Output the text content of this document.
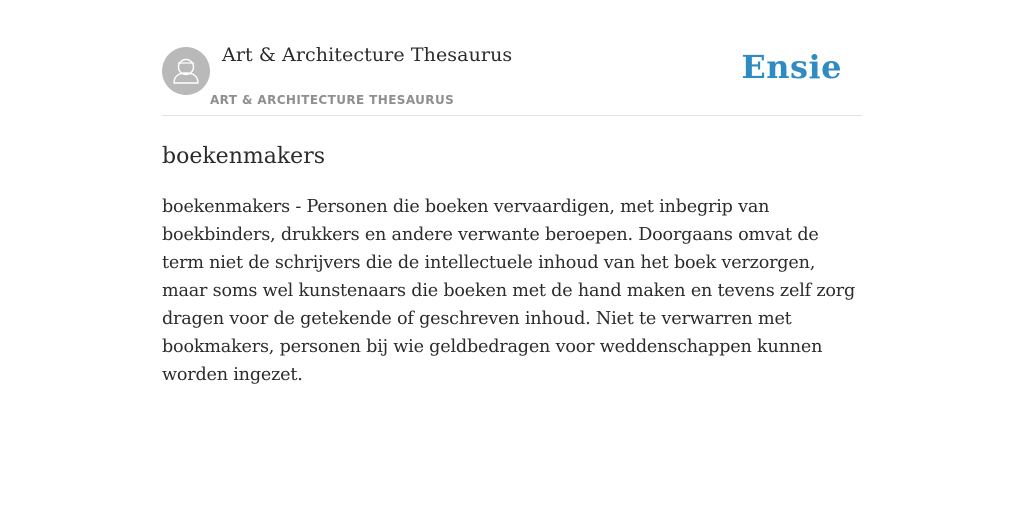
Art & Architecture Thesaurus
ART & ARCHITECTURE THESAURUS
Ensie
boekenmakers

boekenmakers - Personen die boeken vervaardigen, met inbegrip van boekbinders, drukkers en andere verwante beroepen. Doorgaans omvat de term niet de schrijvers die de intellectuele inhoud van het boek verzorgen, maar soms wel kunstenaars die boeken met de hand maken en tevens zelf zorg dragen voor de getekende of geschreven inhoud. Niet te verwarren met bookmakers, personen bij wie geldbedragen voor weddenschappen kunnen worden ingezet.
